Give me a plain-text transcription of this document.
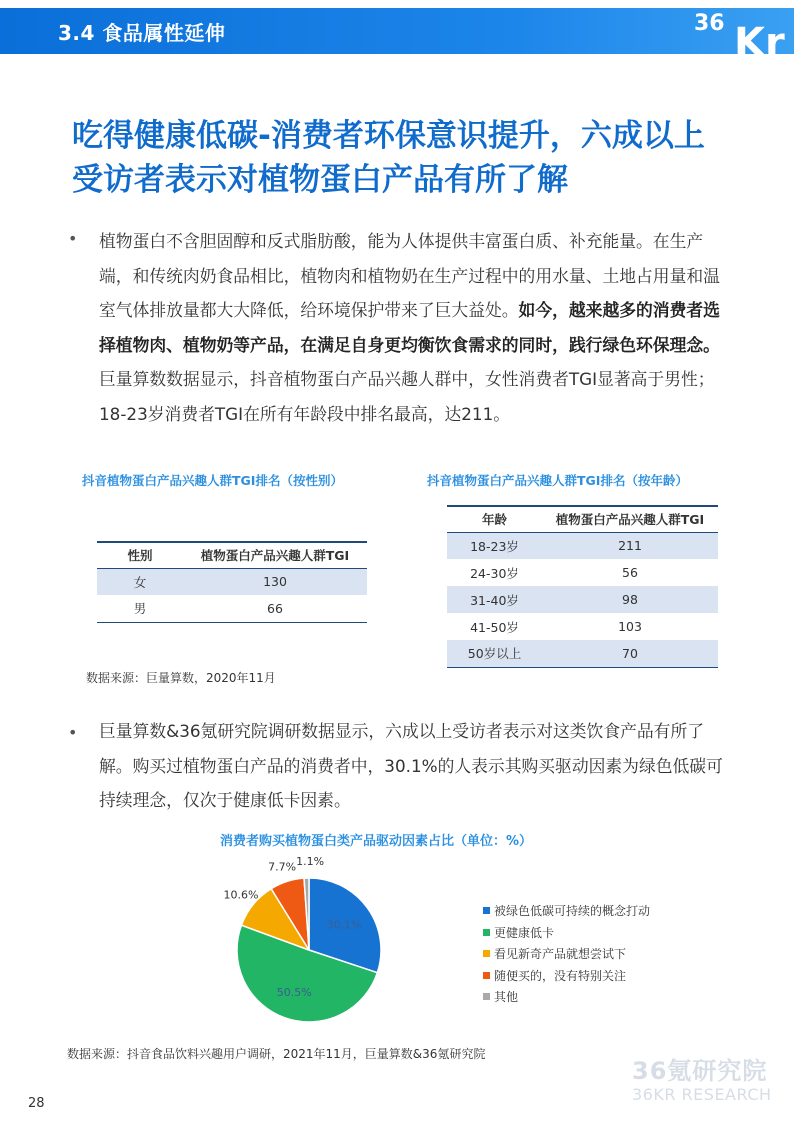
3.4 食品属性延伸	36 Kr
吃得健康低碳-消费者环保意识提升，六成以上受访者表示对植物蛋白产品有所了解
• 植物蛋白不含胆固醇和反式脂肪酸，能为人体提供丰富蛋白质、补充能量。在生产端，和传统肉奶食品相比，植物肉和植物奶在生产过程中的用水量、土地占用量和温室气体排放量都大大降低，给环境保护带来了巨大益处。如今，越来越多的消费者选择植物肉、植物奶等产品，在满足自身更均衡饮食需求的同时，践行绿色环保理念。巨量算数数据显示，抖音植物蛋白产品兴趣人群中，女性消费者TGI显著高于男性；18-23岁消费者TGI在所有年龄段中排名最高，达211。
抖音植物蛋白产品兴趣人群TGI排名（按性别）	抖音植物蛋白产品兴趣人群TGI排名（按年龄）
性别	植物蛋白产品兴趣人群TGI
女	130
男	66
年龄	植物蛋白产品兴趣人群TGI
18-23岁	211
24-30岁	56
31-40岁	98
41-50岁	103
50岁以上	70
数据来源：巨量算数，2020年11月
• 巨量算数&36氪研究院调研数据显示，六成以上受访者表示对这类饮食产品有所了解。购买过植物蛋白产品的消费者中，30.1%的人表示其购买驱动因素为绿色低碳可持续理念，仅次于健康低卡因素。
消费者购买植物蛋白类产品驱动因素占比（单位：%）
30.1%
50.5%
10.6%
7.7% 1.1%
被绿色低碳可持续的概念打动
更健康低卡
看见新奇产品就想尝试下
随便买的，没有特别关注
其他
数据来源：抖音食品饮料兴趣用户调研，2021年11月，巨量算数&36氪研究院
36氪研究院
36KR RESEARCH
28
